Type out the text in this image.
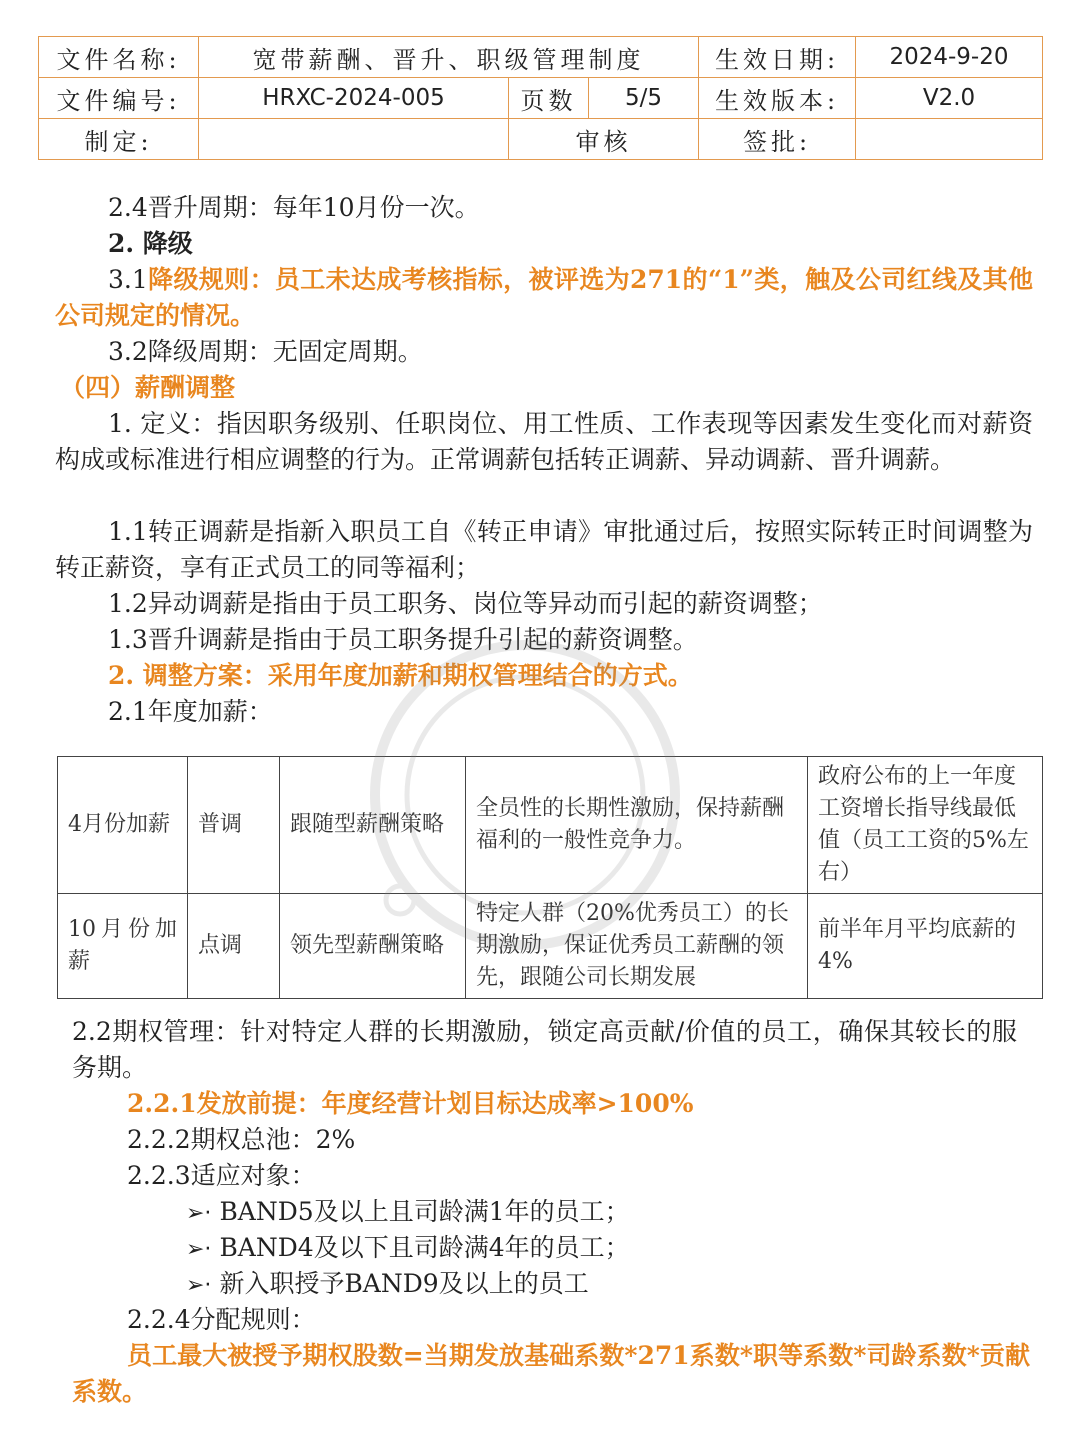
文件名称:	宽带薪酬、晋升、职级管理制度			生效日期:	2024-9-20
文件编号:	HRXC-2024-005	页数	5/5	生效版本:	V2.0
制定:		审核		签批:	
2.4晋升周期：每年10月份一次。
2. 降级
3.1降级规则：员工未达成考核指标，被评选为271的“1”类，触及公司红线及其他公司规定的情况。
3.2降级周期：无固定周期。
（四）薪酬调整
1. 定义：指因职务级别、任职岗位、用工性质、工作表现等因素发生变化而对薪资构成或标准进行相应调整的行为。正常调薪包括转正调薪、异动调薪、晋升调薪。
1.1转正调薪是指新入职员工自《转正申请》审批通过后，按照实际转正时间调整为转正薪资，享有正式员工的同等福利；
1.2异动调薪是指由于员工职务、岗位等异动而引起的薪资调整；
1.3晋升调薪是指由于员工职务提升引起的薪资调整。
2. 调整方案：采用年度加薪和期权管理结合的方式。
2.1年度加薪：
4月份加薪	普调	跟随型薪酬策略	全员性的长期性激励，保持薪酬福利的一般性竞争力。	政府公布的上一年度工资增长指导线最低值（员工工资的5%左右）
10月份加薪	点调	领先型薪酬策略	特定人群（20%优秀员工）的长期激励，保证优秀员工薪酬的领先，跟随公司长期发展	前半年月平均底薪的4%
2.2期权管理：针对特定人群的长期激励，锁定高贡献/价值的员工，确保其较长的服务期。
2.2.1发放前提：年度经营计划目标达成率>100%
2.2.2期权总池：2%
2.2.3适应对象：
➢· BAND5及以上且司龄满1年的员工；
➢· BAND4及以下且司龄满4年的员工；
➢· 新入职授予BAND9及以上的员工
2.2.4分配规则：
员工最大被授予期权股数=当期发放基础系数*271系数*职等系数*司龄系数*贡献系数。
